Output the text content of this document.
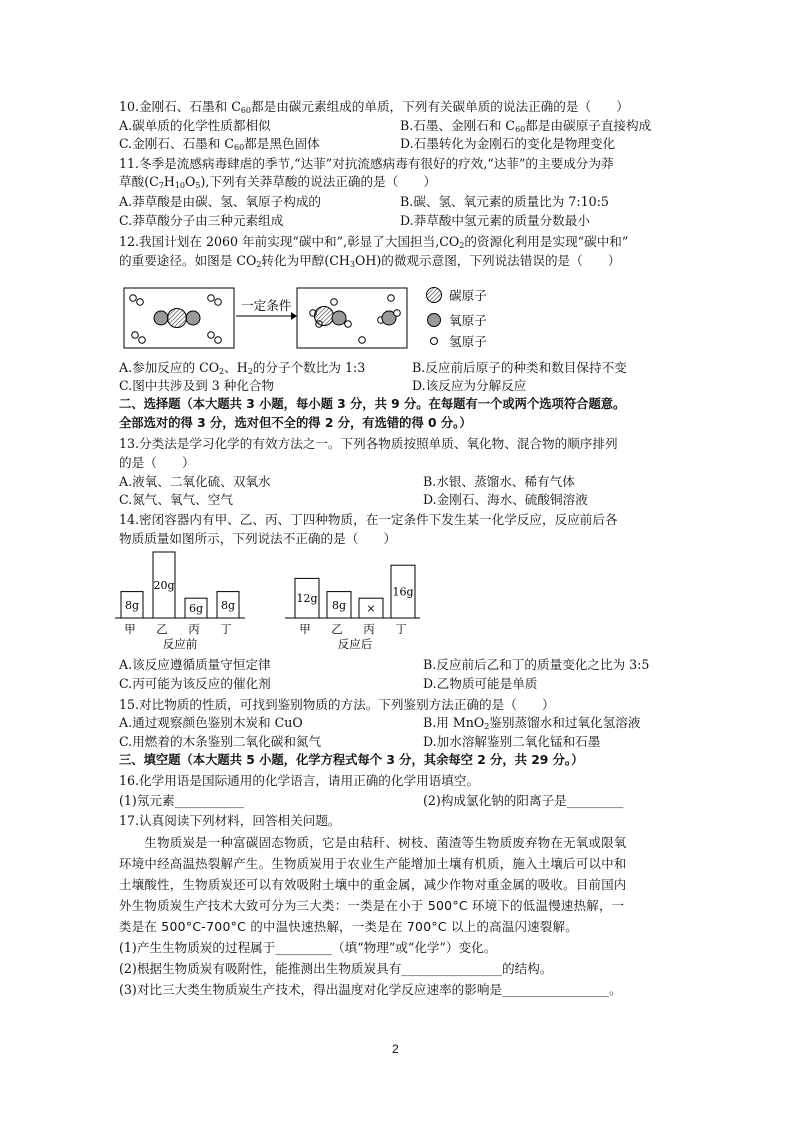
10.金刚石、石墨和 $C_{60}$都是由碳元素组成的单质，下列有关碳单质的说法正确的是（　　）
A.碳单质的化学性质都相似	B.石墨、金刚石和 $C_{60}$都是由碳原子直接构成
C.金刚石、石墨和 $C_{60}$都是黑色固体	D.石墨转化为金刚石的变化是物理变化
11.冬季是流感病毒肆虐的季节,“达菲”对抗流感病毒有很好的疗效,“达菲”的主要成分为莽
草酸$(C_7H_{10}O_5)$,下列有关莽草酸的说法正确的是（　　）
A.莽草酸是由碳、氢、氧原子构成的	B.碳、氢、氧元素的质量比为 7:10:5
C.莽草酸分子由三种元素组成	D.莽草酸中氢元素的质量分数最小
12.我国计划在 2060 年前实现“碳中和”,彰显了大国担当$,CO_2$的资源化利用是实现“碳中和”
的重要途径。如图是 $CO_2$转化为甲醇$(CH_3OH)$的微观示意图，下列说法错误的是（　　）
一定条件
碳原子
氧原子
氢原子
A.参加反应的 $CO_2$、$H_2$的分子个数比为 1:3	B.反应前后原子的种类和数目保持不变
C.图中共涉及到 3 种化合物	D.该反应为分解反应
二、选择题（本大题共 3 小题，每小题 3 分，共 9 分。在每题有一个或两个选项符合题意。
全部选对的得 3 分，选对但不全的得 2 分，有选错的得 0 分。）
13.分类法是学习化学的有效方法之一。下列各物质按照单质、氧化物、混合物的顺序排列
的是（　　）
A.液氧、二氧化硫、双氧水	B.水银、蒸馏水、稀有气体
C.氮气、氧气、空气	D.金刚石、海水、硫酸铜溶液
14.密闭容器内有甲、乙、丙、丁四种物质，在一定条件下发生某一化学反应，反应前后各
物质质量如图所示，下列说法不正确的是（　　）
8g
甲
20g
乙
6g
丙
8g
丁
反应前
12g
甲
8g
乙
×
丙
16g
丁
反应后
A.该反应遵循质量守恒定律	B.反应前后乙和丁的质量变化之比为 3:5
C.丙可能为该反应的催化剂	D.乙物质可能是单质
15.对比物质的性质，可找到鉴别物质的方法。下列鉴别方法正确的是（　　）
A.通过观察颜色鉴别木炭和 CuO	B.用 MnO$_2$鉴别蒸馏水和过氧化氢溶液
C.用燃着的木条鉴别二氧化碳和氮气	D.加水溶解鉴别二氧化锰和石墨
三、填空题（本大题共 5 小题，化学方程式每个 3 分，其余每空 2 分，共 29 分。）
16.化学用语是国际通用的化学语言，请用正确的化学用语填空。
(1)氖元素___________	(2)构成氯化钠的阳离子是_________
17.认真阅读下列材料，回答相关问题。
　　生物质炭是一种富碳固态物质，它是由秸秆、树枝、菌渣等生物质废弃物在无氧或限氧
环境中经高温热裂解产生。生物质炭用于农业生产能增加土壤有机质，施入土壤后可以中和
土壤酸性，生物质炭还可以有效吸附土壤中的重金属，减少作物对重金属的吸收。目前国内
外生物质炭生产技术大致可分为三大类：一类是在小于 500°C 环境下的低温慢速热解，一
类是在 500°C-700°C 的中温快速热解，一类是在 700°C 以上的高温闪速裂解。
(1)产生生物质炭的过程属于_________（填“物理”或“化学”）变化。
(2)根据生物质炭有吸附性，能推测出生物质炭具有________________的结构。
(3)对比三大类生物质炭生产技术，得出温度对化学反应速率的影响是_________________。
2
